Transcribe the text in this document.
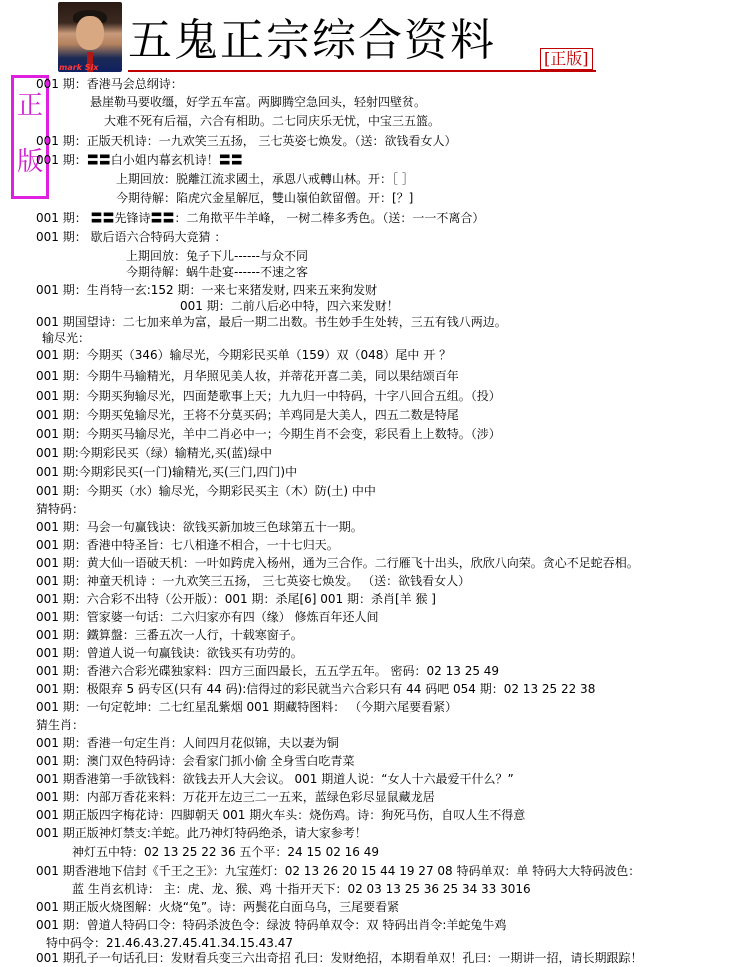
mark Six
五鬼正宗综合资料	[正版]
正
版
001 期：香港马会总纲诗：
悬崖勒马要收缰，好学五车富。两脚腾空急回头，轻射四壁贫。
大难不死有后福，六合有相助。二七同庆乐无忧，中宝三五篮。
001 期：正版天机诗：一九欢笑三五扬， 三七英姿七焕发。（送：欲钱看女人）
001 期：〓〓白小姐内幕玄机诗！〓〓
上期回放：脱離江流求國土，承恩八戒轉山林。开：［ ］
今期待解：陷虎穴金星解厄，雙山嶺伯欽留僧。开：[？]
001 期： 〓〓先锋诗〓〓：二角揿平牛羊峰， 一树二棒多秀色。（送：一一不离合）
001 期： 歇后语六合特码大竞猜 ：
上期回放：兔子下儿------与众不同
今期待解：蜗牛赴宴------不速之客
001 期：生肖特一玄:152 期：一来七来猪发财, 四来五来狗发财
001 期：二前八后必中特，四六来发财！
001 期国望诗：二七加来单为富，最后一期二出数。书生妙手生处转，三五有钱八两边。
输尽光：
001 期：今期买（346）输尽光，今期彩民买单（159）双（048）尾中 开 ？
001 期：今期牛马输精光，月华照见美人妆，并蒂花开喜二美，同以果结颂百年
001 期：今期买狗输尽光，四面楚歌事上天；九九归一中特码，十字八回合五组。（投）
001 期：今期买兔输尽光，王将不分莫买码；羊鸡同是大美人，四五二数是特尾
001 期：今期买马输尽光，羊中二肖必中一；今期生肖不会变，彩民看上上数特。（涉）
001 期:今期彩民买（绿）输精光,买(蓝)绿中
001 期:今期彩民买(一门)输精光,买(三门,四门)中
001 期：今期买（水）输尽光，今期彩民买主（木）防(土) 中中
猜特码：
001 期：马会一句赢钱诀：欲钱买新加坡三色球第五十一期。
001 期：香港中特圣旨：七八相逢不相合，一十七归天。
001 期：黄大仙一语破天机：一叶如跨虎入杨州，通为三合作。二行雁飞十出头，欣欣八向荣。贪心不足蛇吞相。
001 期：神童天机诗 ：一九欢笑三五扬， 三七英姿七焕发。 （送：欲钱看女人）
001 期：六合彩不出特（公开版）：001 期：杀尾[6] 001 期：杀肖[羊 猴 ]
001 期：管家婆一句话：二六归家亦有四（缘） 修炼百年还人间
001 期：鐵算盤：三番五次一人行，十载寒窗子。
001 期：曾道人说一句赢钱诀：欲钱买有功劳的。
001 期：香港六合彩光碟独家料：四方三面四最长，五五学五年。 密码：02 13 25 49
001 期：极限弃 5 码专区(只有 44 码):信得过的彩民就当六合彩只有 44 码吧 054 期：02 13 25 22 38
001 期：一句定乾坤：二七红星乱紫烟 001 期藏特图料： （今期六尾要看紧）
猜生肖：
001 期：香港一句定生肖：人间四月花似锦，夫以妻为铜
001 期：澳门双色特码诗：会看家门抓小偷 全身雪白吃青菜
001 期香港第一手欲钱料：欲钱去开人大会议。 001 期道人说：“女人十六最爱干什么？”
001 期：内部万香花来料：万花开左边三二一五来，蓝绿色彩尽显鼠藏龙居
001 期正版四字梅花诗：四脚朝天 001 期火车头：烧伤鸡。诗：狗死马伤，自叹人生不得意
001 期正版神灯禁支:羊蛇。此乃神灯特码绝杀，请大家参考！
神灯五中特：02 13 25 22 36 五个平：24 15 02 16 49
001 期香港地下信封《千王之王》：九宝莲灯：02 13 26 20 15 44 19 27 08 特码单双：单 特码大大特码波色：
蓝 生肖玄机诗： 主：虎、龙、猴、鸡 十指开天下：02 03 13 25 36 25 34 33 3016
001 期正版火烧图解：火烧“兔”。诗：两鬓花白面乌乌，三尾要看紧
001 期：曾道人特码口令：特码杀波色令：绿波 特码单双令：双 特码出肖令:羊蛇兔牛鸡
特中码令：21.46.43.27.45.41.34.15.43.47
001 期孔子一句话孔曰：发财看兵变三六出奇招 孔曰：发财绝招，本期看单双！孔曰：一期讲一招，请长期跟踪！
